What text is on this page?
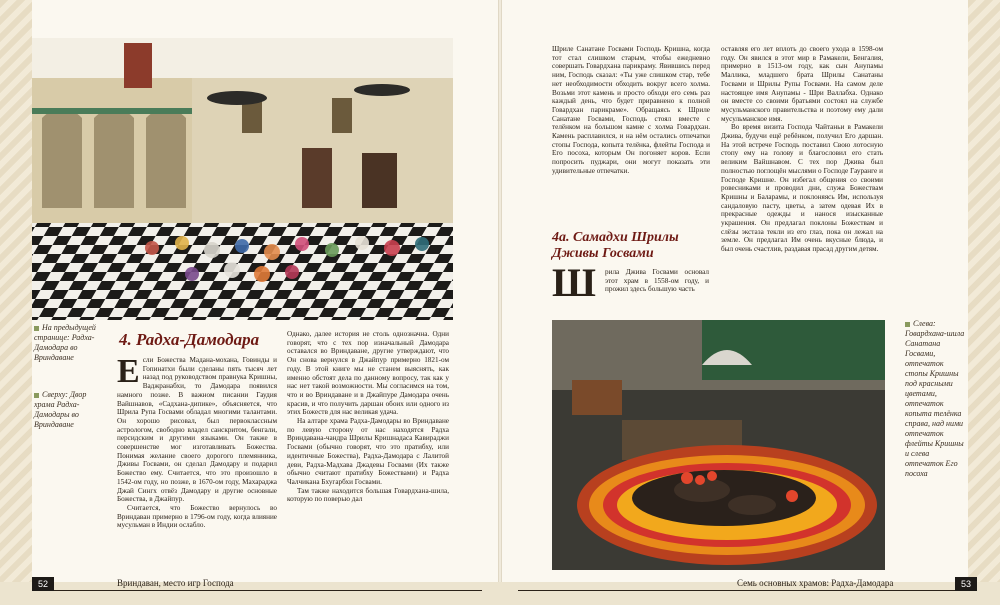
На предыдущей странице: Радха-Дамодара во Вриндаване
Сверху: Двор храма Радха-Дамодары во Вриндаване
4. Радха-Дамодара

Если Божества Мадана-мохана, Говинды и Гопинатхи были сделаны пять тысяч лет назад под руководством правнука Кришны, Ваджранабхи, то Дамодара появился намного позже. В важном писании Гаудия Вайшнавов, «Садхана-дипике», объясняется, что Шрила Рупа Госвами обладал многими талантами. Он хорошо рисовал, был первоклассным астрологом, свободно владел санскритом, бенгали, персидским и другими языками. Он также в совершенстве мог изготавливать Божества. Понимая желание своего дорогого племянника, Дживы Госвами, он сделал Дамодару и подарил Божество ему. Считается, что это произошло в 1542-ом году, но позже, в 1670-ом году, Махараджа Джай Сингх отвёз Дамодару и другие основные Божества, в Джайпур.

Считается, что Божество вернулось во Вриндаван примерно в 1796-ом году, когда влияние мусульман в Индии ослабло.

Однако, далее история не столь однозначна. Одни говорят, что с тех пор изначальный Дамодара оставался во Вриндаване, другие утверждают, что Он снова вернулся в Джайпур примерно 1821-ом году. В этой книге мы не станем выяснять, как именно обстоят дела по данному вопросу, так как у нас нет такой возможности. Мы согласимся на том, что и во Вриндаване и в Джайпуре Дамодара очень красив, и что получить даршан обоих или одного из этих Божеств для нас великая удача.

На алтаре храма Радха-Дамодары во Вриндаване по левую сторону от нас находятся Радха Вриндавана-чандра Шрилы Кришнадаса Кавираджи Госвами (обычно говорят, что это пратибху, или идентичные Божества), Радха-Дамодара с Лалитой деви, Радха-Мадхава Джадевы Госвами (Их также обычно считают пратибху Божествами) и Радха Чалчикана Бхугарбхи Госвами.

Там также находится большая Говардхана-шила, которую по поверью дал

Шриле Санатане Госвами Господь Кришна, когда тот стал слишком старым, чтобы ежедневно совершать Говардхана парикраму. Явившись перед ним, Господь сказал: «Ты уже слишком стар, тебе нет необходимости обходить вокруг всего холма. Возьми этот камень и просто обходи его семь раз каждый день, что будет приравнено к полной Говардхан парикраме». Обращаясь к Шриле Санатане Госвами, Господь стоял вместе с телёнком на большом камне с холма Говардхан. Камень расплавился, и на нём остались отпечатки стопы Господа, копыта телёнка, флейты Господа и Его посоха, которым Он погоняет коров. Если попросить пуджари, они могут показать эти удивительные отпечатки.

оставляя его лет вплоть до своего ухода в 1598-ом году. Он явился в этот мир в Рамакели, Бенгалия, примерно в 1513-ом году, как сын Анупамы Маллика, младшего брата Шрилы Санатаны Госвами и Шрилы Рупы Госвами. На самом деле настоящее имя Анупамы - Шри Валлабха. Однако он вместе со своими братьями состоял на службе мусульманского правительства и поэтому ему дали мусульманское имя.

Во время визита Господа Чайтаньи в Рамакели Джива, будучи ещё ребёнком, получил Его даршан. На этой встрече Господь поставил Свою лотосную стопу ему на голову и благословил его стать великим Вайшнавом. С тех пор Джива был полностью поглощён мыслями о Господе Гауранге и Господе Кришне. Он избегал общения со своими ровесниками и проводил дни, служа Божествам Кришны и Баларамы, и поклоняясь Им, используя сандаловую пасту, цветы, а затем одевая Их в прекрасные одежды и нанося изысканные украшения. Он предлагал поклоны Божествам и слёзы экстаза текли из его глаз, пока он лежал на земле. Он предлагал Им очень вкусные блюда, и был очень счастлив, раздавая прасад другим детям.

4а. Самадхи Шрилы Дживы Госвами
Ш рила Джива Госвами основал этот храм в 1558-ом году, и прожил здесь большую часть

Слева: Говардхана-шила Санатана Госвами, отпечаток стопы Кришны под красными цветами, отпечаток копыта телёнка справа, над ними отпечаток флейты Кришны и слева отпечаток Его посоха
52	Вриндаван, место игр Господа	Семь основных храмов: Радха-Дамодара	53
